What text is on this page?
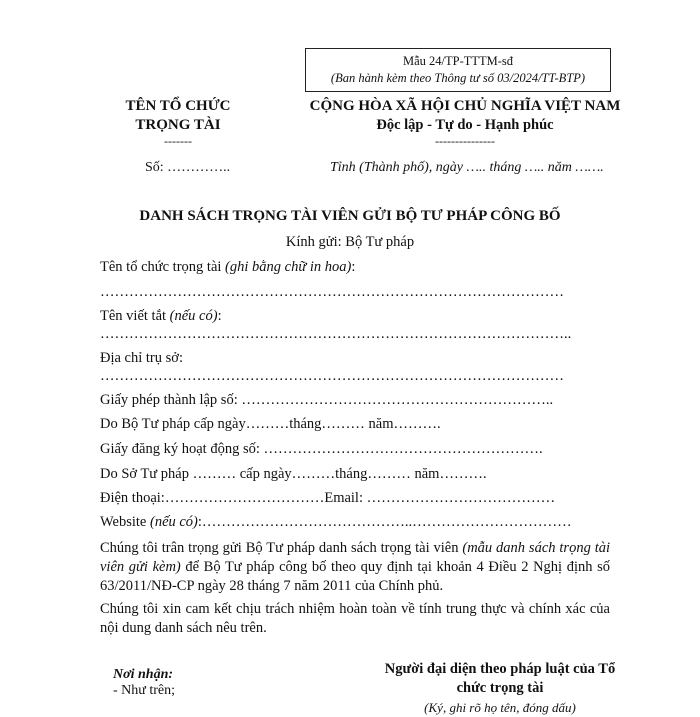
Mẫu 24/TP-TTTM-sđ
(Ban hành kèm theo Thông tư số 03/2024/TT-BTP)
TÊN TỔ CHỨC
TRỌNG TÀI
-------
CỘNG HÒA XÃ HỘI CHỦ NGHĨA VIỆT NAM
Độc lập - Tự do - Hạnh phúc
---------------
Số: …………..	Tỉnh (Thành phố), ngày ….. tháng ….. năm …….
DANH SÁCH TRỌNG TÀI VIÊN GỬI BỘ TƯ PHÁP CÔNG BỐ
Kính gửi: Bộ Tư pháp
Tên tổ chức trọng tài (ghi bằng chữ in hoa):
……………………………………………………………………………………
Tên viết tắt (nếu có):
……………………………………………………………………………………..
Địa chỉ trụ sở:
……………………………………………………………………………………
Giấy phép thành lập số: ………………………………………………………..
Do Bộ Tư pháp cấp ngày………tháng……… năm……….
Giấy đăng ký hoạt động số: ………………………………………………….
Do Sở Tư pháp ……… cấp ngày………tháng……… năm……….
Điện thoại:……………………………Email: …………………………………
Website (nếu có):……………………………………..……………………………
Chúng tôi trân trọng gửi Bộ Tư pháp danh sách trọng tài viên (mẫu danh sách trọng tài viên gửi kèm) để Bộ Tư pháp công bố theo quy định tại khoản 4 Điều 2 Nghị định số 63/2011/NĐ-CP ngày 28 tháng 7 năm 2011 của Chính phủ.
Chúng tôi xin cam kết chịu trách nhiệm hoàn toàn về tính trung thực và chính xác của nội dung danh sách nêu trên.
Nơi nhận:
- Như trên;
Người đại diện theo pháp luật của Tổ
chức trọng tài
(Ký, ghi rõ họ tên, đóng dấu)
